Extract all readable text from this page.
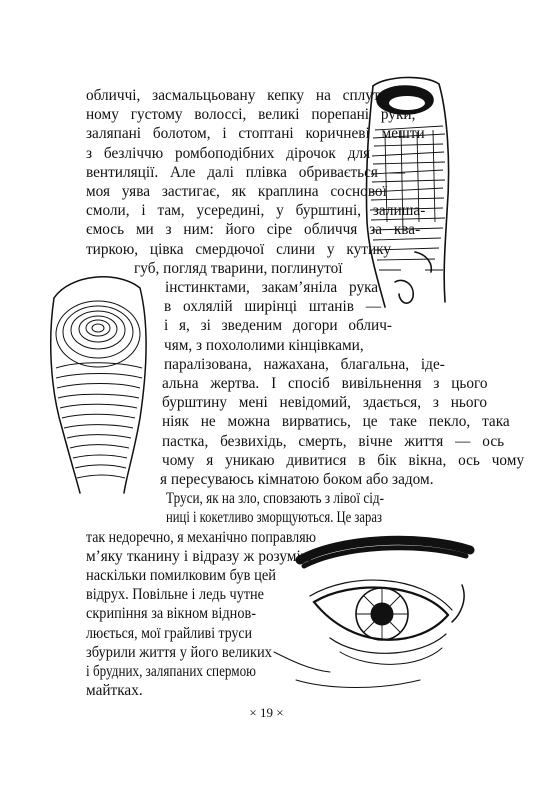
обличчі, засмальцьовану кепку на сплута-
ному густому волоссі, великі порепані руки,
заляпані болотом, і стоптані коричневі мешти
з безліччю ромбоподібних дірочок для
вентиляції. Але далі плівка обривається —
моя уява застигає, як краплина соснової
смоли, і там, усередині, у бурштині, залиша-
ємось ми з ним: його сіре обличчя за ква-
тиркою, цівка смердючої слини у кутику
губ, погляд тварини, поглинутої
інстинктами, закам’яніла рука
в охлялій ширінці штанів —
і я, зі зведеним догори облич-
чям, з похололими кінцівками,
паралізована, нажахана, благальна, іде-
альна жертва. І спосіб вивільнення з цього
бурштину мені невідомий, здається, з нього
ніяк не можна вирватись, це таке пекло, така
пастка, безвихідь, смерть, вічне життя — ось
чому я уникаю дивитися в бік вікна, ось чому
я пересуваюсь кімнатою боком або задом.
Труси, як на зло, сповзають з лівої сід-
ниці і кокетливо зморщуються. Це зараз
так недоречно, я механічно поправляю
м’яку тканину і відразу ж розумію,
наскільки помилковим був цей
відрух. Повільне і ледь чутне
скрипіння за вікном віднов-
люється, мої грайливі труси
збурили життя у його великих
і брудних, заляпаних спермою
майтках.
× 19 ×
